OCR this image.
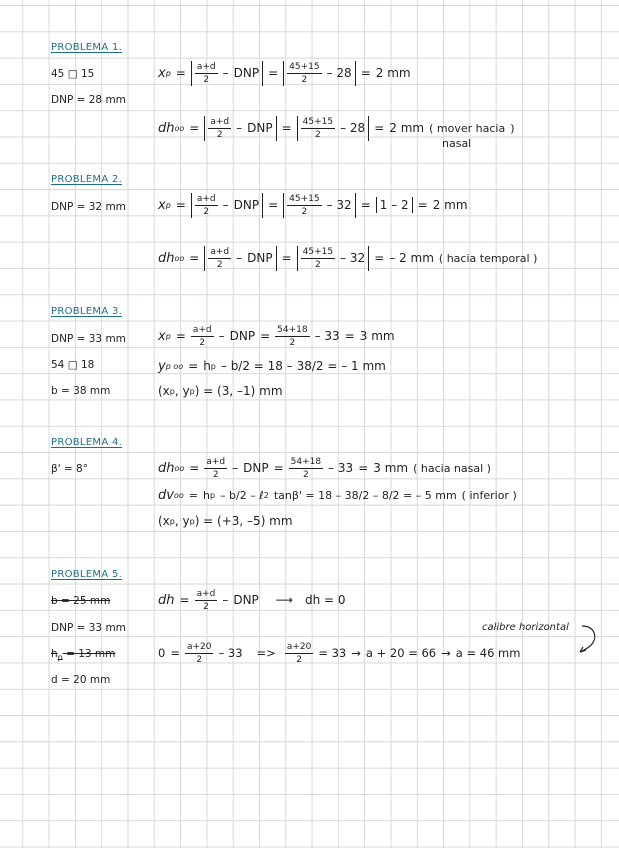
PROBLEMA 1.
45 □ 15
DNP = 28 mm
x $p = \frac{a+d}{2}$ – DNP = $\frac{45+15}{2} - 28 = 2$ mm
dh oo = $\frac{a+d}{2}$ – DNP = $\frac{45+15}{2} - 28 = 2$ mm ( mover hacia )
nasal
PROBLEMA 2.
DNP = 32 mm x $p = \frac{a+d}{2}$ – DNP = $\frac{45+15}{2} - 32 = 1 - 2 = 2$ mm
dh oo = $\frac{a+d}{2}$ – DNP = $\frac{45+15}{2} - 32$ = – 2 mm ( hacia temporal )
PROBLEMA 3.
DNP = 33 mm
54 □ 18
b = 38 mm
x $p = \frac{a+d}{2}$ – DNP = $\frac{54+18}{2} - 33 = 3$ mm
y p oo = h p – b/2 = 18 – 38/2 = – 1 mm
(x p , y p ) = (3, –1) mm
PROBLEMA 4.
β' = 8°	dh oo = $\frac{a+d}{2}$ – DNP = $\frac{54+18}{2} - 33 = 3$ mm ( hacia nasal )
dv oo = h p – b/2 – ℓ 2 tanβ' = 18 – 38/2 – 8/2 = – 5 mm ( inferior )
(x p , y p ) = (+3, –5) mm
PROBLEMA 5.
b = 25 mm
DNP = 33 mm
$h_p = 13$ mm
d = 20 mm
dh = $\frac{a+d}{2}$ – DNP ⟶ dh = 0
$0 = \frac{a+20}{2} - 33 => \frac{a+20}{2} = 33 \to a + 20 = 66 \to a = 46$ mm
calibre horizontal
